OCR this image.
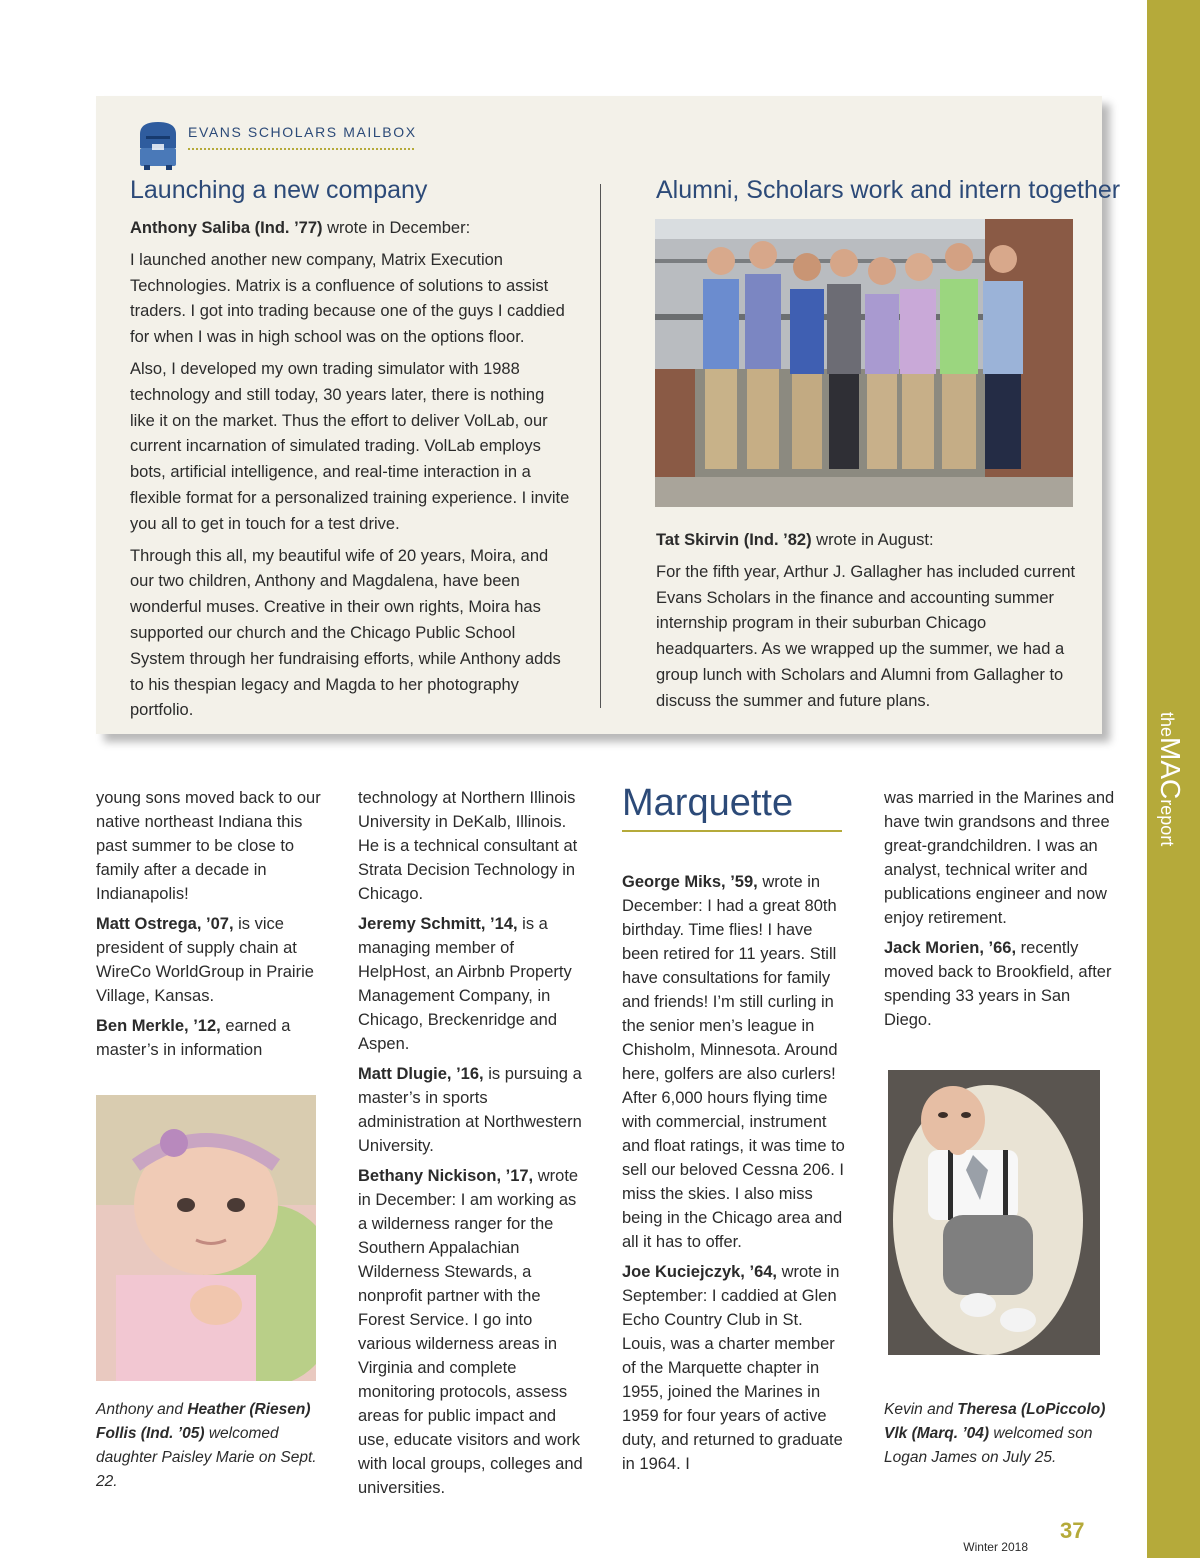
theMACreport
EVANS SCHOLARS MAILBOX
Launching a new company

Anthony Saliba (Ind. ’77) wrote in December:

I launched another new company, Matrix Execution Technologies. Matrix is a confluence of solutions to assist traders. I got into trading because one of the guys I caddied for when I was in high school was on the options floor.

Also, I developed my own trading simulator with 1988 technology and still today, 30 years later, there is nothing like it on the market. Thus the effort to deliver VolLab, our current incarnation of simulated trading. VolLab employs bots, artificial intelligence, and real-time interaction in a flexible format for a personalized training experience. I invite you all to get in touch for a test drive.

Through this all, my beautiful wife of 20 years, Moira, and our two children, Anthony and Magdalena, have been wonderful muses. Creative in their own rights, Moira has supported our church and the Chicago Public School System through her fundraising efforts, while Anthony adds to his thespian legacy and Magda to her photography portfolio.

Alumni, Scholars work and intern together

Tat Skirvin (Ind. ’82) wrote in August:

For the fifth year, Arthur J. Gallagher has included current Evans Scholars in the finance and accounting summer internship program in their suburban Chicago headquarters. As we wrapped up the summer, we had a group lunch with Scholars and Alumni from Gallagher to discuss the summer and future plans.

young sons moved back to our native northeast Indiana this past summer to be close to family after a decade in Indianapolis!

Matt Ostrega, ’07, is vice president of supply chain at WireCo WorldGroup in Prairie Village, Kansas.

Ben Merkle, ’12, earned a master’s in information

Anthony and Heather (Riesen) Follis (Ind. ’05) welcomed daughter Paisley Marie on Sept. 22.

technology at Northern Illinois University in DeKalb, Illinois. He is a technical consultant at Strata Decision Technology in Chicago.

Jeremy Schmitt, ’14, is a managing member of HelpHost, an Airbnb Property Management Company, in Chicago, Breckenridge and Aspen.

Matt Dlugie, ’16, is pursuing a master’s in sports administration at Northwestern University.

Bethany Nickison, ’17, wrote in December: I am working as a wilderness ranger for the Southern Appalachian Wilderness Stewards, a nonprofit partner with the Forest Service. I go into various wilderness areas in Virginia and complete monitoring protocols, assess areas for public impact and use, educate visitors and work with local groups, colleges and universities.

Marquette

George Miks, ’59, wrote in December: I had a great 80th birthday. Time flies! I have been retired for 11 years. Still have consultations for family and friends! I’m still curling in the senior men’s league in Chisholm, Minnesota. Around here, golfers are also curlers! After 6,000 hours flying time with commercial, instrument and float ratings, it was time to sell our beloved Cessna 206. I miss the skies. I also miss being in the Chicago area and all it has to offer.

Joe Kuciejczyk, ’64, wrote in September: I caddied at Glen Echo Country Club in St. Louis, was a charter member of the Marquette chapter in 1955, joined the Marines in 1959 for four years of active duty, and returned to graduate in 1964. I

was married in the Marines and have twin grandsons and three great-grandchildren. I was an analyst, technical writer and publications engineer and now enjoy retirement.

Jack Morien, ’66, recently moved back to Brookfield, after spending 33 years in San Diego.

Kevin and Theresa (LoPiccolo) Vlk (Marq. ’04) welcomed son Logan James on July 25.
Winter 2018
37
